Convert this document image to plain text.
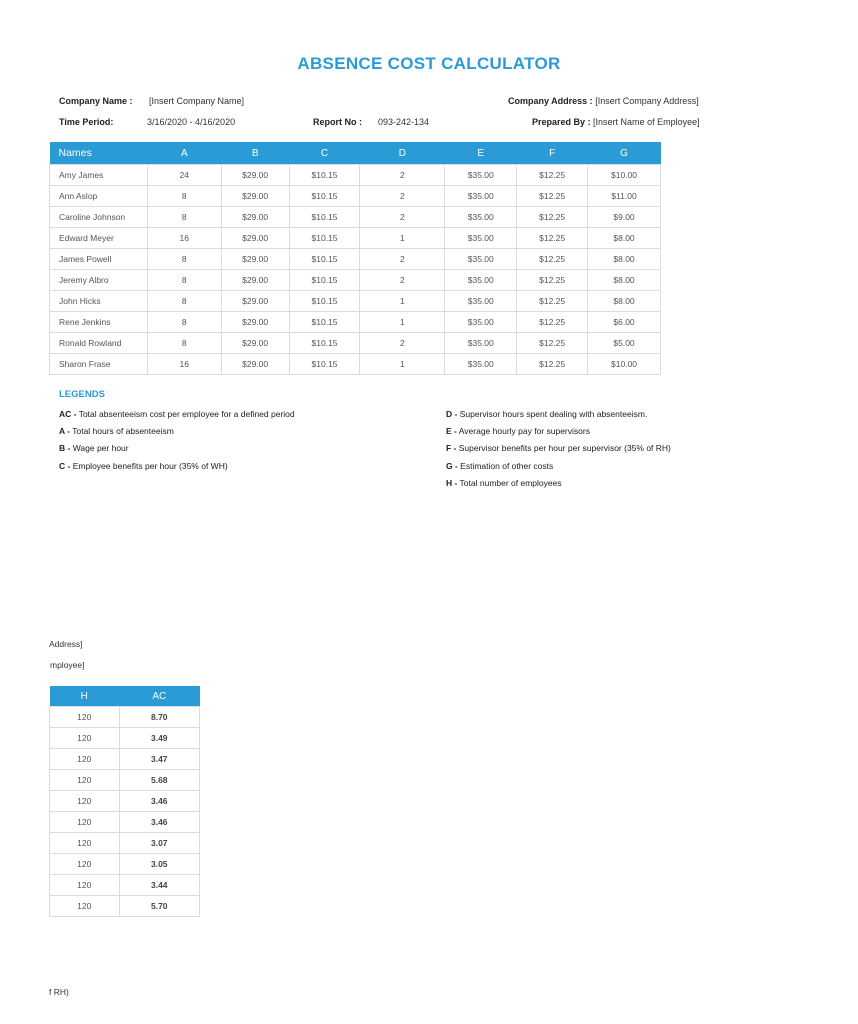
ABSENCE COST CALCULATOR
Company Name : [Insert Company Name]	Company Address : [Insert Company Address]
Time Period:	3/16/2020 - 4/16/2020	Report No : 093-242-134	Prepared By : [Insert Name of Employee]
Names	A	B	C	D	E	F	G
Amy James	24	$29.00	$10.15	2	$35.00	$12.25	$10.00
Ann Aslop	8	$29.00	$10.15	2	$35.00	$12.25	$11.00
Caroline Johnson	8	$29.00	$10.15	2	$35.00	$12.25	$9.00
Edward Meyer	16	$29.00	$10.15	1	$35.00	$12.25	$8.00
James Powell	8	$29.00	$10.15	2	$35.00	$12.25	$8.00
Jeremy Albro	8	$29.00	$10.15	2	$35.00	$12.25	$8.00
John Hicks	8	$29.00	$10.15	1	$35.00	$12.25	$8.00
Rene Jenkins	8	$29.00	$10.15	1	$35.00	$12.25	$6.00
Ronald Rowland	8	$29.00	$10.15	2	$35.00	$12.25	$5.00
Sharon Frase	16	$29.00	$10.15	1	$35.00	$12.25	$10.00
LEGENDS
AC - Total absenteeism cost per employee for a defined period
A - Total hours of absenteeism
B - Wage per hour
C - Employee benefits per hour (35% of WH)
D - Supervisor hours spent dealing with absenteeism.
E - Average hourly pay for supervisors
F - Supervisor benefits per hour per supervisor (35% of RH)
G - Estimation of other costs
H - Total number of employees
Address]
mployee]
f RH)
H	AC
120	8.70
120	3.49
120	3.47
120	5.68
120	3.46
120	3.46
120	3.07
120	3.05
120	3.44
120	5.70
